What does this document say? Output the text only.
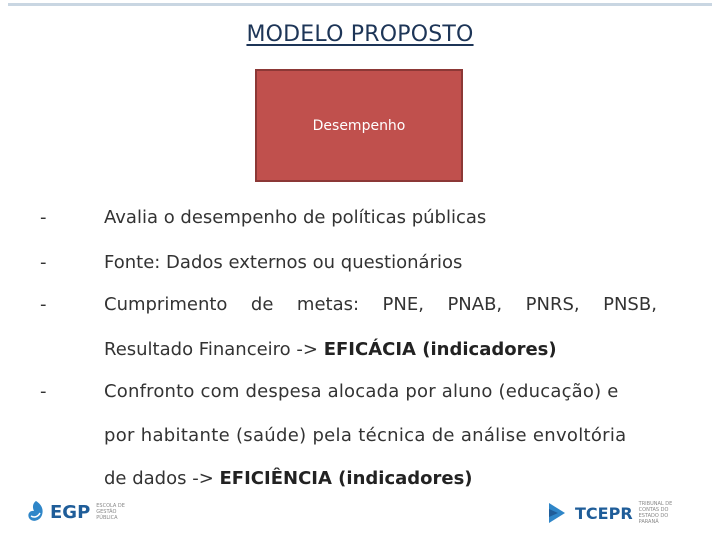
MODELO PROPOSTO
Desempenho
-	Avalia o desempenho de políticas públicas
-	Fonte: Dados externos ou questionários
-	Cumprimento de metas: PNE, PNAB, PNRS, PNSB,
Resultado Financeiro -> EFICÁCIA (indicadores)
-	Confronto com despesa alocada por aluno (educação) e
por habitante (saúde) pela técnica de análise envoltória
de dados -> EFICIÊNCIA (indicadores)
EGP ESCOLA DE GESTÃO PÚBLICA	TCEPR TRIBUNAL DE CONTAS DO ESTADO DO PARANÁ
